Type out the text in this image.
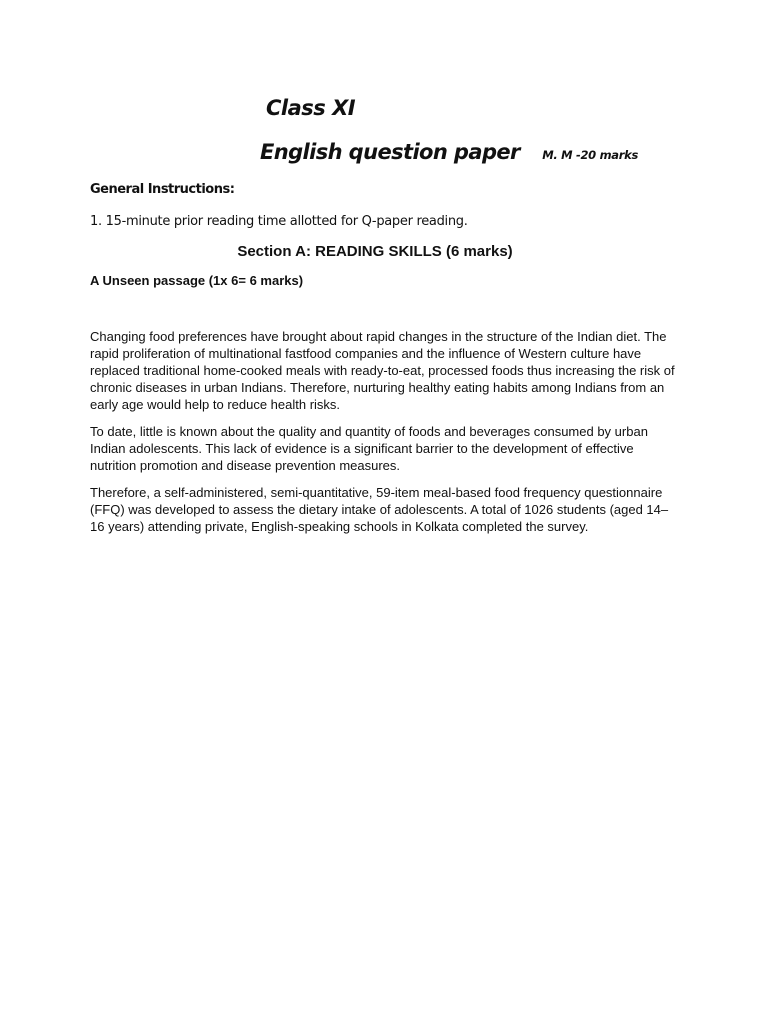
Class XI
English question paper M. M -20 marks
General Instructions:

1. 15-minute prior reading time allotted for Q-paper reading.

Section A: READING SKILLS (6 marks)
A Unseen passage (1x 6= 6 marks)

Changing food preferences have brought about rapid changes in the structure of the Indian diet. The rapid proliferation of multinational fastfood companies and the influence of Western culture have replaced traditional home-cooked meals with ready-to-eat, processed foods thus increasing the risk of chronic diseases in urban Indians. Therefore, nurturing healthy eating habits among Indians from an early age would help to reduce health risks.

To date, little is known about the quality and quantity of foods and beverages consumed by urban Indian adolescents. This lack of evidence is a significant barrier to the development of effective nutrition promotion and disease prevention measures.

Therefore, a self-administered, semi-quantitative, 59-item meal-based food frequency questionnaire (FFQ) was developed to assess the dietary intake of adolescents. A total of 1026 students (aged 14–16 years) attending private, English-speaking schools in Kolkata completed the survey.
